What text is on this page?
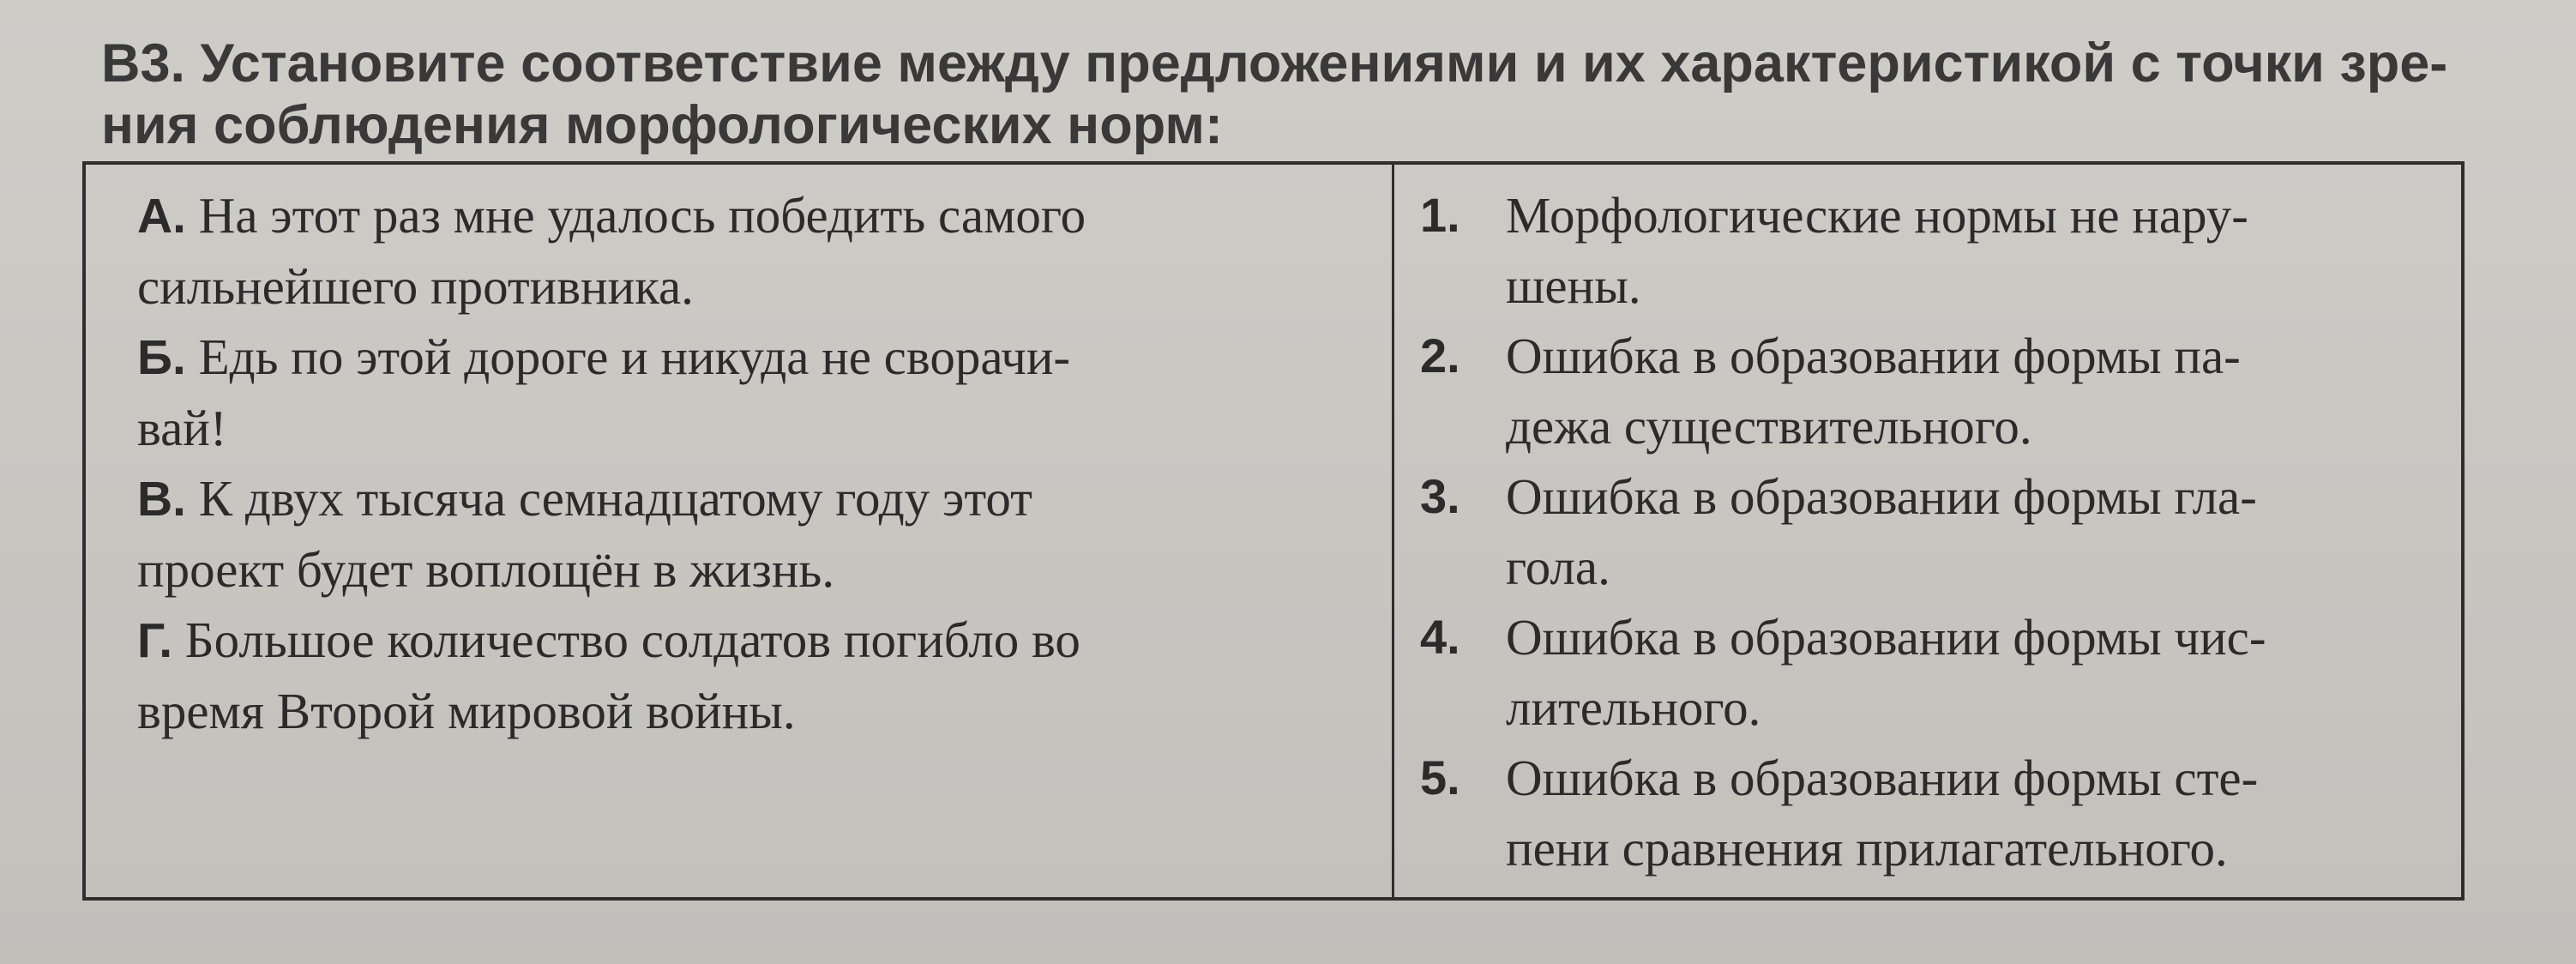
В3. Установите соответствие между предложениями и их характеристикой с точки зре-
ния соблюдения морфологических норм:

А. На этот раз мне удалось победить самого
сильнейшего противника.

Б. Едь по этой дороге и никуда не сворачи-
вай!

В. К двух тысяча семнадцатому году этот
проект будет воплощён в жизнь.

Г. Большое количество солдатов погибло во
время Второй мировой войны.

1. Морфологические нормы не нару-
шены.
2. Ошибка в образовании формы па-
дежа существительного.
3. Ошибка в образовании формы гла-
гола.
4. Ошибка в образовании формы чис-
лительного.
5. Ошибка в образовании формы сте-
пени сравнения прилагательного.
